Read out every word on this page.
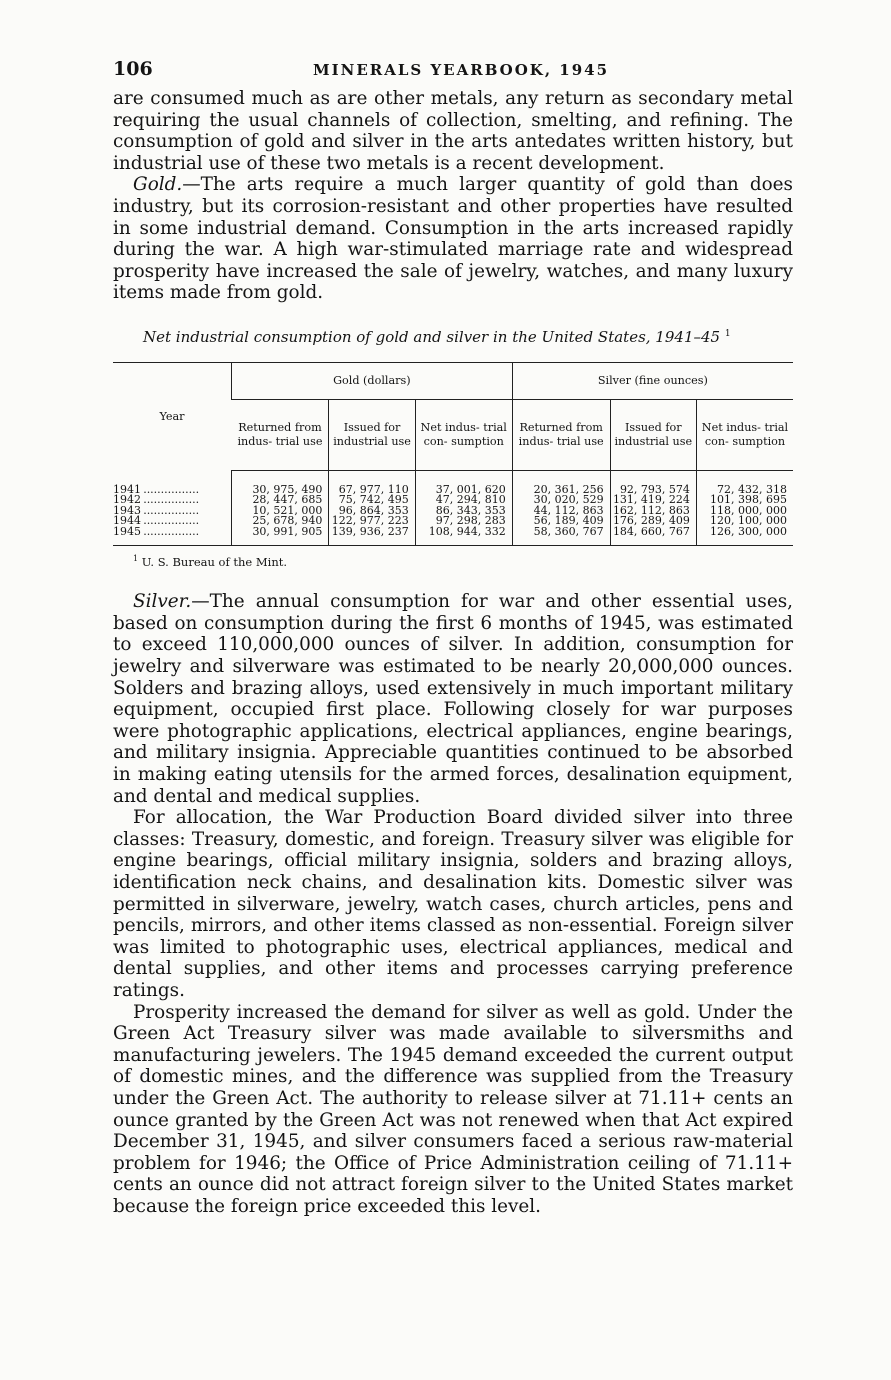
106	MINERALS YEARBOOK, 1945

are consumed much as are other metals, any return as secondary metal requiring the usual channels of collection, smelting, and refining. The consumption of gold and silver in the arts antedates written history, but industrial use of these two metals is a recent development.

Gold.—The arts require a much larger quantity of gold than does industry, but its corrosion-resistant and other properties have resulted in some industrial demand. Consumption in the arts increased rapidly during the war. A high war-stimulated marriage rate and widespread prosperity have increased the sale of jewelry, watches, and many luxury items made from gold.

Net industrial consumption of gold and silver in the United States, 1941–45 $^1$
Year	Gold (dollars)			Silver (fine ounces)		
	Returned from indus- trial use	Issued for industrial use	Net indus- trial con- sumption	Returned from indus- trial use	Issued for industrial use	Net indus- trial con- sumption

1941 ................	30, 975, 490	67, 977, 110	37, 001, 620	20, 361, 256	92, 793, 574	72, 432, 318
1942 ................	28, 447, 685	75, 742, 495	47, 294, 810	30, 020, 529	131, 419, 224	101, 398, 695
1943 ................	10, 521, 000	96, 864, 353	86, 343, 353	44, 112, 863	162, 112, 863	118, 000, 000
1944 ................	25, 678, 940	122, 977, 223	97, 298, 283	56, 189, 409	176, 289, 409	120, 100, 000
1945 ................	30, 991, 905	139, 936, 237	108, 944, 332	58, 360, 767	184, 660, 767	126, 300, 000
$^1$ U. S. Bureau of the Mint.

Silver.—The annual consumption for war and other essential uses, based on consumption during the first 6 months of 1945, was estimated to exceed 110,000,000 ounces of silver. In addition, consumption for jewelry and silverware was estimated to be nearly 20,000,000 ounces. Solders and brazing alloys, used extensively in much important military equipment, occupied first place. Following closely for war purposes were photographic applications, electrical appliances, engine bearings, and military insignia. Appreciable quantities continued to be absorbed in making eating utensils for the armed forces, desalination equipment, and dental and medical supplies.

For allocation, the War Production Board divided silver into three classes: Treasury, domestic, and foreign. Treasury silver was eligible for engine bearings, official military insignia, solders and brazing alloys, identification neck chains, and desalination kits. Domestic silver was permitted in silverware, jewelry, watch cases, church articles, pens and pencils, mirrors, and other items classed as non-essential. Foreign silver was limited to photographic uses, electrical appliances, medical and dental supplies, and other items and processes carrying preference ratings.

Prosperity increased the demand for silver as well as gold. Under the Green Act Treasury silver was made available to silversmiths and manufacturing jewelers. The 1945 demand exceeded the current output of domestic mines, and the difference was supplied from the Treasury under the Green Act. The authority to release silver at 71.11+ cents an ounce granted by the Green Act was not renewed when that Act expired December 31, 1945, and silver consumers faced a serious raw-material problem for 1946; the Office of Price Administration ceiling of 71.11+ cents an ounce did not attract foreign silver to the United States market because the foreign price exceeded this level.
